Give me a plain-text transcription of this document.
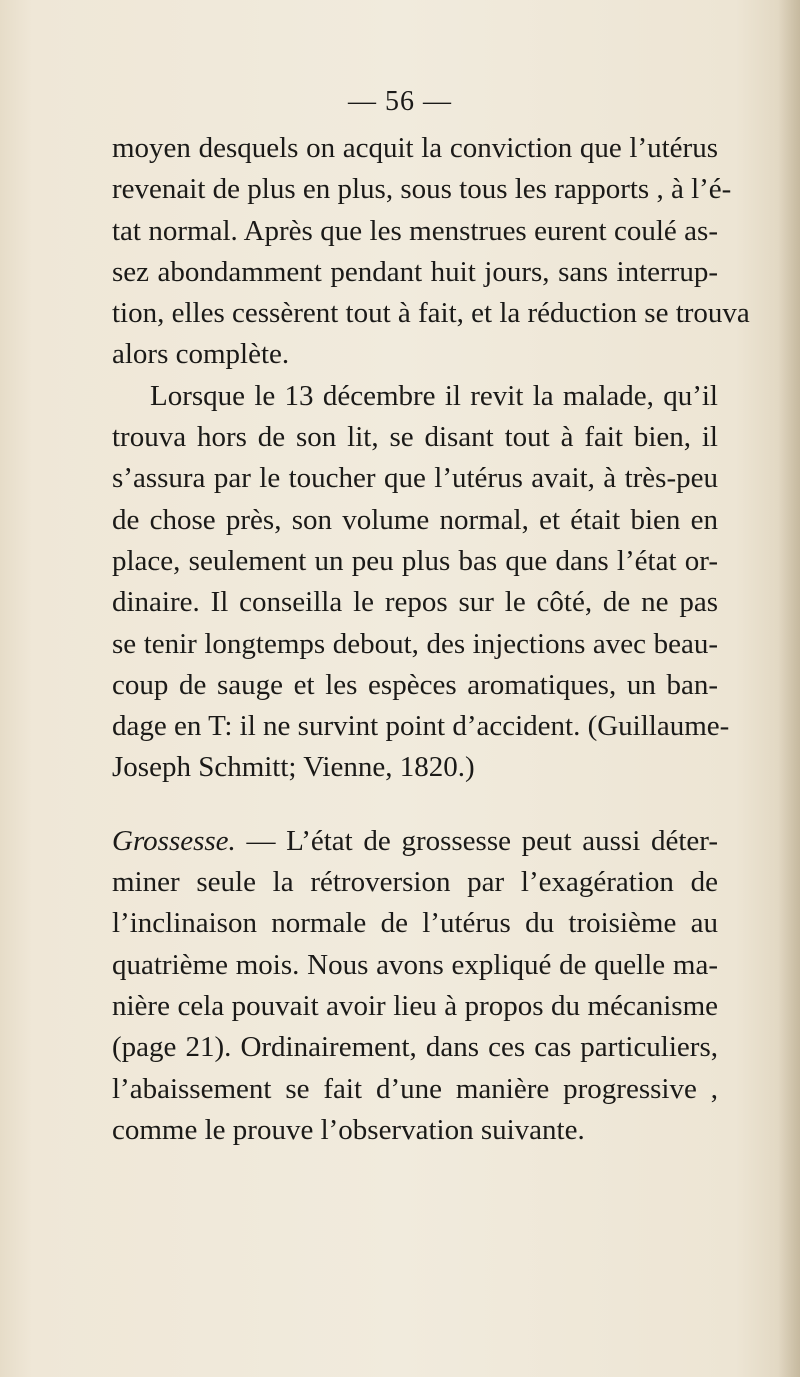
— 56 —
moyen desquels on acquit la conviction que l’utérus
revenait de plus en plus, sous tous les rapports , à l’é-
tat normal. Après que les menstrues eurent coulé as-
sez abondamment pendant huit jours, sans interrup-
tion, elles cessèrent tout à fait, et la réduction se trouva
alors complète.
Lorsque le 13 décembre il revit la malade, qu’il
trouva hors de son lit, se disant tout à fait bien, il
s’assura par le toucher que l’utérus avait, à très-peu
de chose près, son volume normal, et était bien en
place, seulement un peu plus bas que dans l’état or-
dinaire. Il conseilla le repos sur le côté, de ne pas
se tenir longtemps debout, des injections avec beau-
coup de sauge et les espèces aromatiques, un ban-
dage en T: il ne survint point d’accident. (Guillaume-
Joseph Schmitt; Vienne, 1820.)
Grossesse. — L’état de grossesse peut aussi déter-
miner seule la rétroversion par l’exagération de
l’inclinaison normale de l’utérus du troisième au
quatrième mois. Nous avons expliqué de quelle ma-
nière cela pouvait avoir lieu à propos du mécanisme
(page 21). Ordinairement, dans ces cas particuliers,
l’abaissement se fait d’une manière progressive ,
comme le prouve l’observation suivante.
